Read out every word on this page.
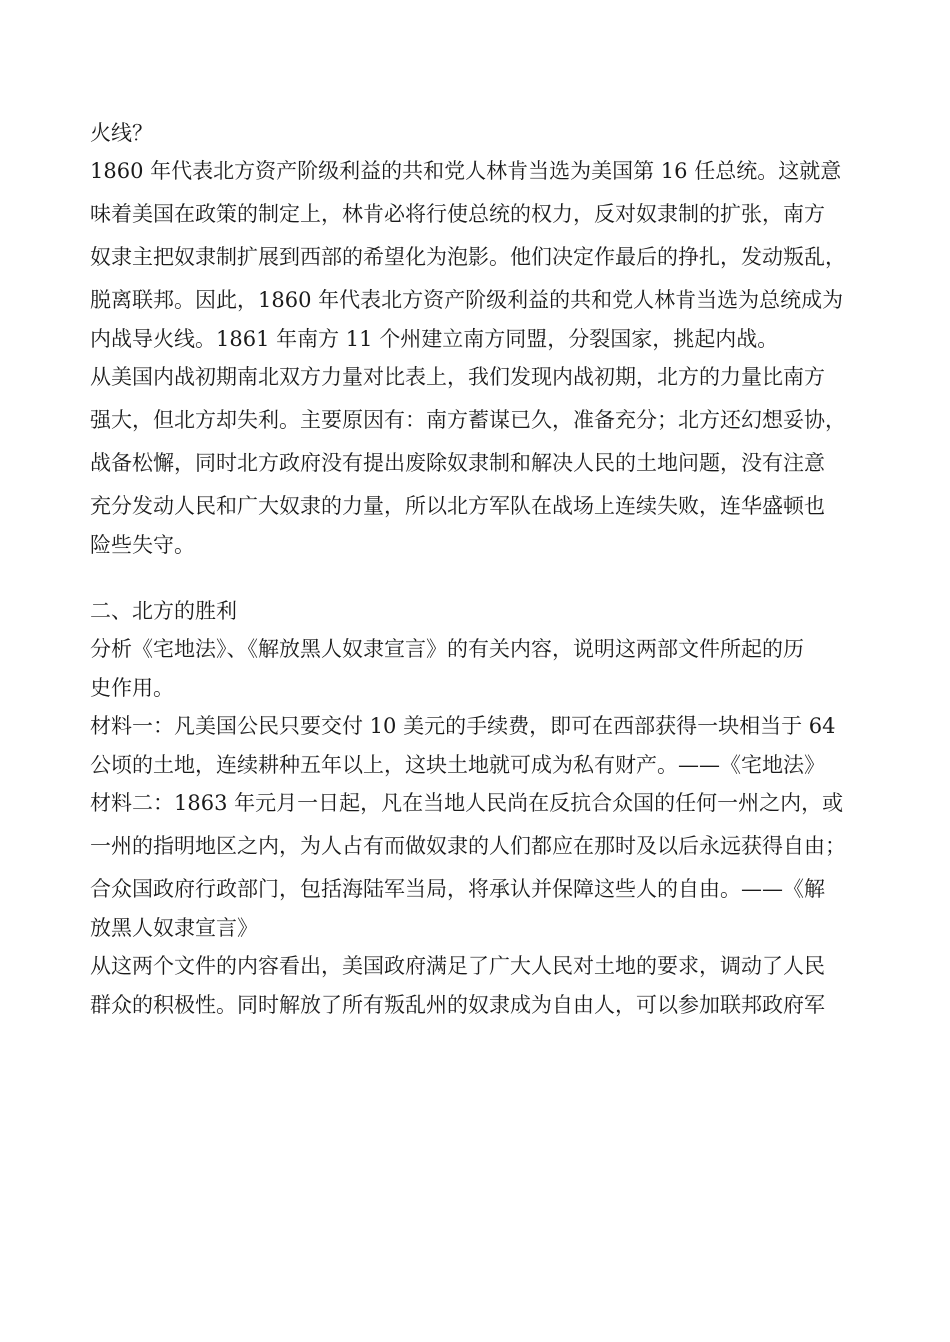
火线？

1860 年代表北方资产阶级利益的共和党人林肯当选为美国第 16 任总统。这就意

味着美国在政策的制定上，林肯必将行使总统的权力，反对奴隶制的扩张，南方

奴隶主把奴隶制扩展到西部的希望化为泡影。他们决定作最后的挣扎，发动叛乱，

脱离联邦。因此，1860 年代表北方资产阶级利益的共和党人林肯当选为总统成为

内战导火线。1861 年南方 11 个州建立南方同盟，分裂国家，挑起内战。

从美国内战初期南北双方力量对比表上，我们发现内战初期，北方的力量比南方

强大，但北方却失利。主要原因有：南方蓄谋已久，准备充分；北方还幻想妥协，

战备松懈，同时北方政府没有提出废除奴隶制和解决人民的土地问题，没有注意

充分发动人民和广大奴隶的力量，所以北方军队在战场上连续失败，连华盛顿也

险些失守。

二、北方的胜利

分析《宅地法》、《解放黑人奴隶宣言》的有关内容，说明这两部文件所起的历

史作用。

材料一：凡美国公民只要交付 10 美元的手续费，即可在西部获得一块相当于 64

公顷的土地，连续耕种五年以上，这块土地就可成为私有财产。——《宅地法》

材料二：1863 年元月一日起，凡在当地人民尚在反抗合众国的任何一州之内，或

一州的指明地区之内，为人占有而做奴隶的人们都应在那时及以后永远获得自由；

合众国政府行政部门，包括海陆军当局，将承认并保障这些人的自由。——《解

放黑人奴隶宣言》

从这两个文件的内容看出，美国政府满足了广大人民对土地的要求，调动了人民

群众的积极性。同时解放了所有叛乱州的奴隶成为自由人，可以参加联邦政府军
